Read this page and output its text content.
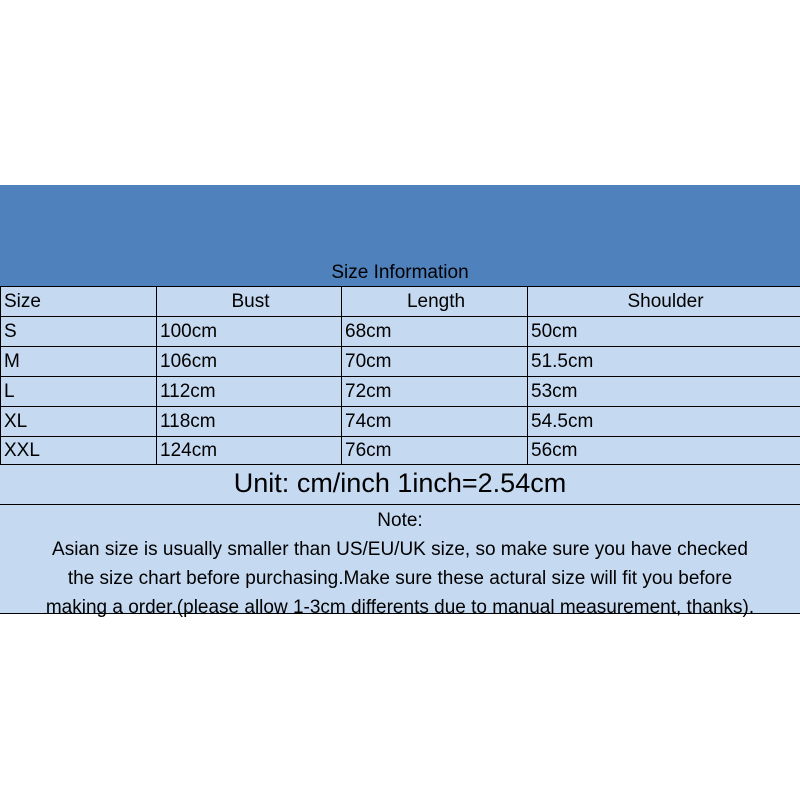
Size Information
Size	Bust	Length	Shoulder
S	100cm	68cm	50cm
M	106cm	70cm	51.5cm
L	112cm	72cm	53cm
XL	118cm	74cm	54.5cm
XXL	124cm	76cm	56cm
Unit: cm/inch 1inch=2.54cm
Note:
Asian size is usually smaller than US/EU/UK size, so make sure you have checked
the size chart before purchasing.Make sure these actural size will fit you before
making a order.(please allow 1-3cm differents due to manual measurement, thanks).
